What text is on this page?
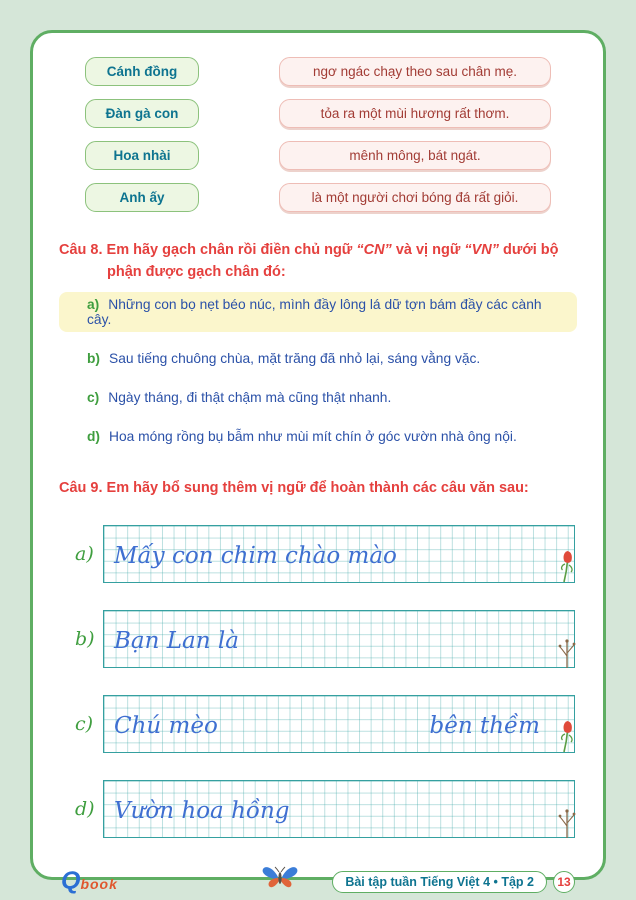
Cánh đồng	ngơ ngác chạy theo sau chân mẹ.
Đàn gà con	tỏa ra một mùi hương rất thơm.
Hoa nhài	mênh mông, bát ngát.
Anh ấy	là một người chơi bóng đá rất giỏi.

Câu 8. Em hãy gạch chân rồi điền chủ ngữ “CN” và vị ngữ “VN” dưới bộ phận được gạch chân đó:

a) Những con bọ nẹt béo núc, mình đầy lông lá dữ tợn bám đầy các cành cây.
b) Sau tiếng chuông chùa, mặt trăng đã nhỏ lại, sáng vằng vặc.
c) Ngày tháng, đi thật chậm mà cũng thật nhanh.
d) Hoa móng rồng bụ bẫm như mùi mít chín ở góc vườn nhà ông nội.

Câu 9. Em hãy bổ sung thêm vị ngữ để hoàn thành các câu văn sau:

a) Mấy con chim chào mào
b) Bạn Lan là
c) Chú mèo	bên thềm
d) Vườn hoa hồng
Qbook	Bài tập tuần Tiếng Việt 4 • Tập 2	13
